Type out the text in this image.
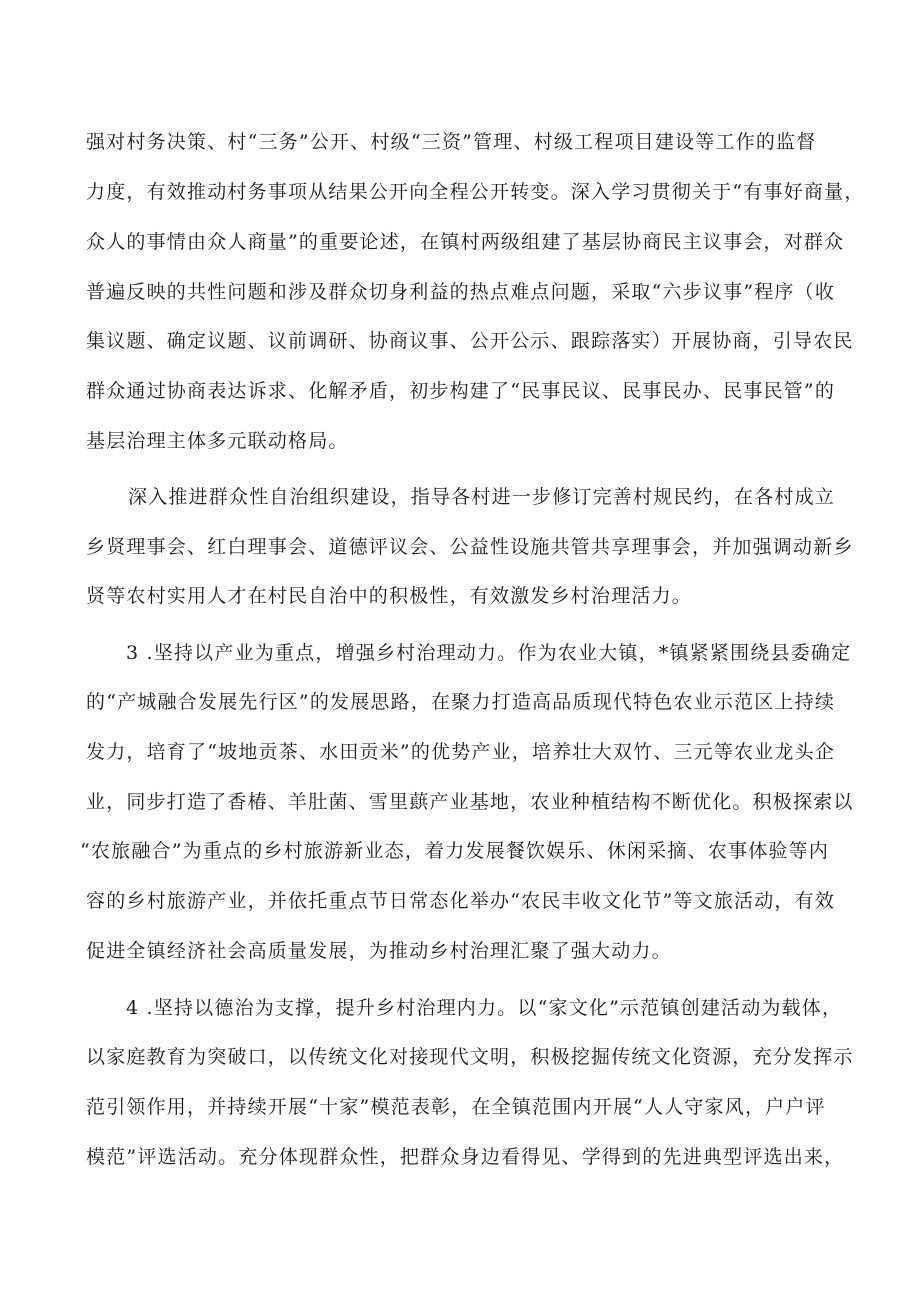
强对村务决策、村“三务”公开、村级“三资”管理、村级工程项目建设等工作的监督
力度，有效推动村务事项从结果公开向全程公开转变。深入学习贯彻关于“有事好商量，
众人的事情由众人商量”的重要论述，在镇村两级组建了基层协商民主议事会，对群众
普遍反映的共性问题和涉及群众切身利益的热点难点问题，采取“六步议事”程序（收
集议题、确定议题、议前调研、协商议事、公开公示、跟踪落实）开展协商，引导农民
群众通过协商表达诉求、化解矛盾，初步构建了“民事民议、民事民办、民事民管”的
基层治理主体多元联动格局。
深入推进群众性自治组织建设，指导各村进一步修订完善村规民约，在各村成立
乡贤理事会、红白理事会、道德评议会、公益性设施共管共享理事会，并加强调动新乡
贤等农村实用人才在村民自治中的积极性，有效激发乡村治理活力。
3 .坚持以产业为重点，增强乡村治理动力。作为农业大镇，*镇紧紧围绕县委确定
的“产城融合发展先行区”的发展思路，在聚力打造高品质现代特色农业示范区上持续
发力，培育了“坡地贡茶、水田贡米”的优势产业，培养壮大双竹、三元等农业龙头企
业，同步打造了香椿、羊肚菌、雪里蕻产业基地，农业种植结构不断优化。积极探索以
“农旅融合”为重点的乡村旅游新业态，着力发展餐饮娱乐、休闲采摘、农事体验等内
容的乡村旅游产业，并依托重点节日常态化举办“农民丰收文化节”等文旅活动，有效
促进全镇经济社会高质量发展，为推动乡村治理汇聚了强大动力。
4 .坚持以德治为支撑，提升乡村治理内力。以“家文化”示范镇创建活动为载体，
以家庭教育为突破口，以传统文化对接现代文明，积极挖掘传统文化资源，充分发挥示
范引领作用，并持续开展“十家”模范表彰，在全镇范围内开展“人人守家风，户户评
模范”评选活动。充分体现群众性，把群众身边看得见、学得到的先进典型评选出来，
